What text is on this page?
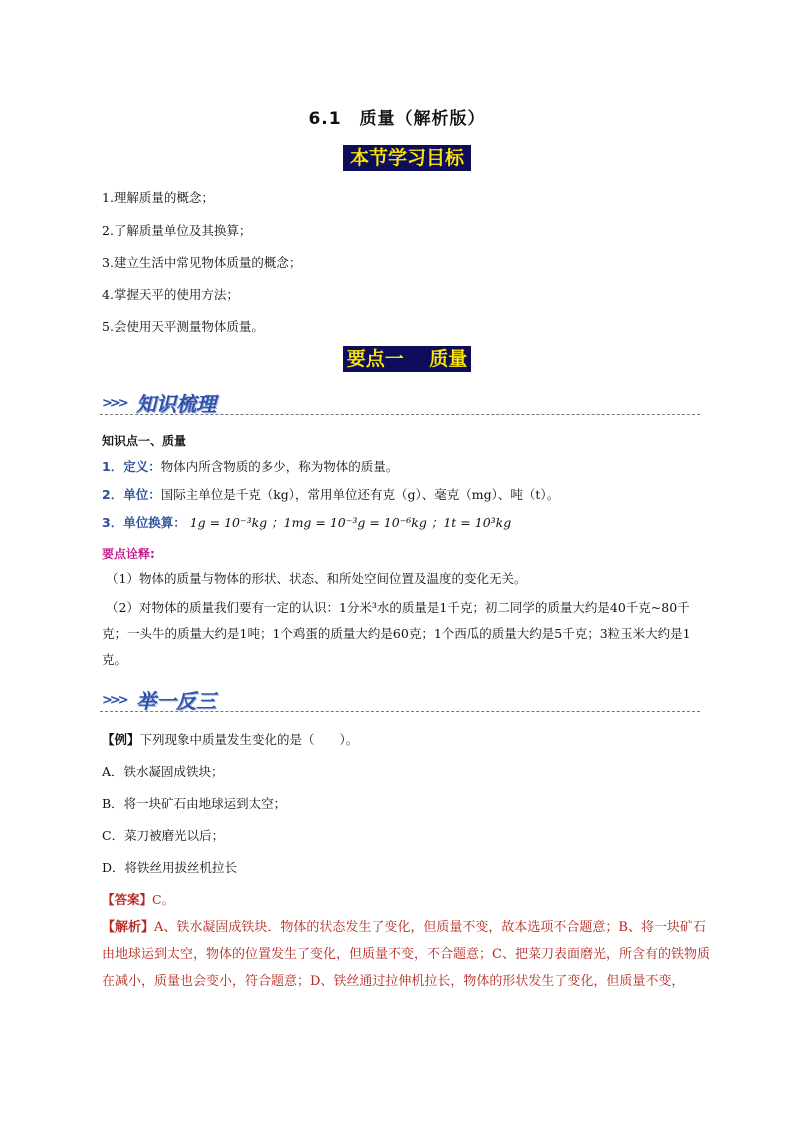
6.1　质量（解析版）
本节学习目标
1.理解质量的概念；
2.了解质量单位及其换算；
3.建立生活中常见物体质量的概念；
4.掌握天平的使用方法；
5.会使用天平测量物体质量。
要点一　 质量
>>> 知识梳理
知识点一、质量
1．定义：物体内所含物质的多少，称为物体的质量。
2．单位：国际主单位是千克（kg），常用单位还有克（g）、毫克（mg）、吨（t）。
3．单位换算： 1g = 10⁻³kg ；1mg = 10⁻³g = 10⁻⁶kg ；1t = 10³kg
要点诠释:
（1）物体的质量与物体的形状、状态、和所处空间位置及温度的变化无关。
（2）对物体的质量我们要有一定的认识：1分米³水的质量是1千克；初二同学的质量大约是40千克~80千克；一头牛的质量大约是1吨；1个鸡蛋的质量大约是60克；1个西瓜的质量大约是5千克；3粒玉米大约是1克。
>>> 举一反三
【例】下列现象中质量发生变化的是（　　）。
A．铁水凝固成铁块；
B．将一块矿石由地球运到太空；
C．菜刀被磨光以后；
D．将铁丝用拔丝机拉长
【答案】C。
【解析】A、铁水凝固成铁块．物体的状态发生了变化，但质量不变，故本选项不合题意；B、将一块矿石由地球运到太空，物体的位置发生了变化，但质量不变，不合题意；C、把菜刀表面磨光，所含有的铁物质在减小，质量也会变小，符合题意；D、铁丝通过拉伸机拉长，物体的形状发生了变化，但质量不变，
